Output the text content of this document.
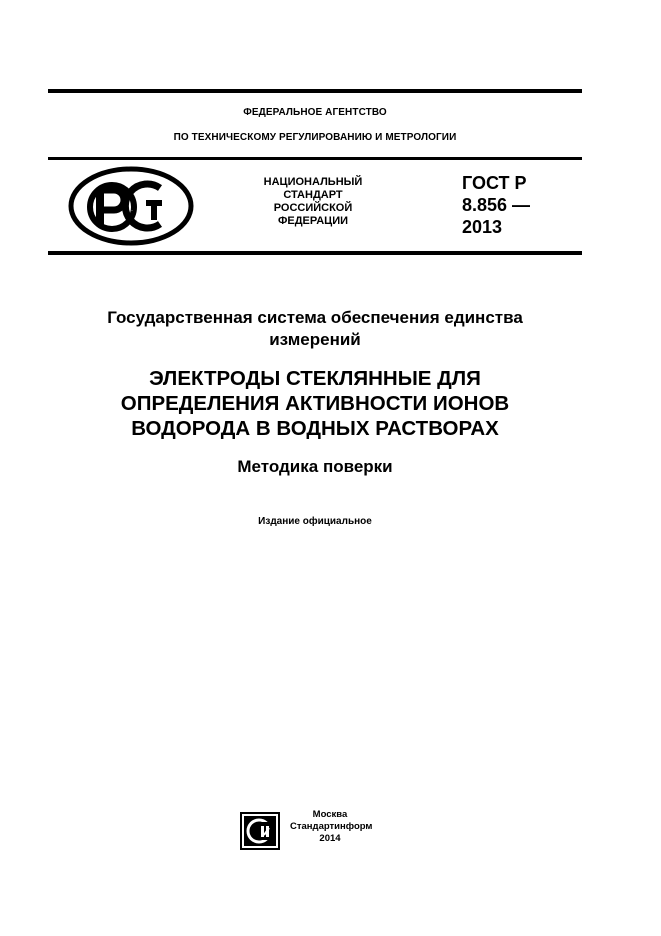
ФЕДЕРАЛЬНОЕ АГЕНТСТВО
ПО ТЕХНИЧЕСКОМУ РЕГУЛИРОВАНИЮ И МЕТРОЛОГИИ
РСТ
НАЦИОНАЛЬНЫЙ
СТАНДАРТ
РОССИЙСКОЙ
ФЕДЕРАЦИИ
ГОСТ Р
8.856 —
2013
Государственная система обеспечения единства
измерений
ЭЛЕКТРОДЫ СТЕКЛЯННЫЕ ДЛЯ
ОПРЕДЕЛЕНИЯ АКТИВНОСТИ ИОНОВ
ВОДОРОДА В ВОДНЫХ РАСТВОРАХ
Методика поверки
Издание официальное
Москва
Стандартинформ
2014
